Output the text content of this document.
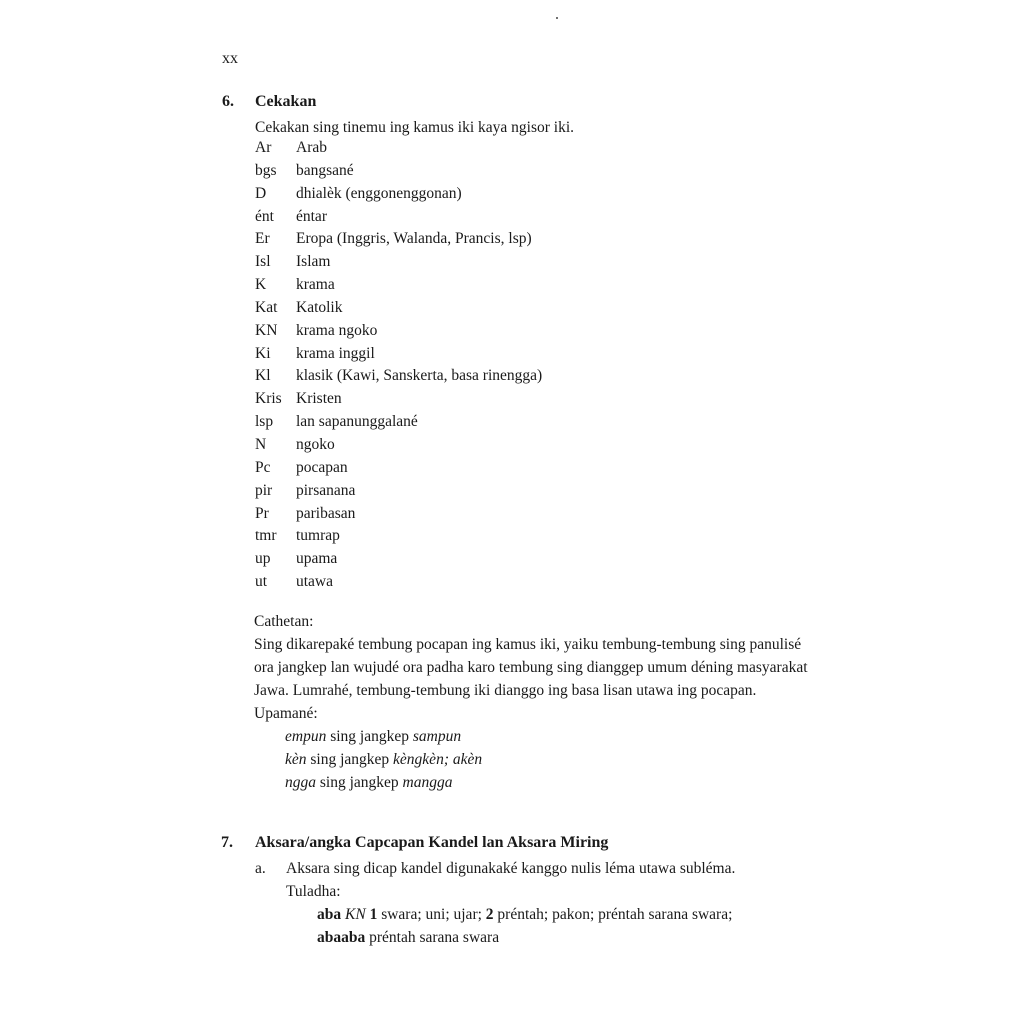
xx
6. Cekakan
Cekakan sing tinemu ing kamus iki kaya ngisor iki.
Ar	Arab
bgs	bangsané
D	dhialèk (enggonenggonan)
ént	éntar
Er	Eropa (Inggris, Walanda, Prancis, lsp)
Isl	Islam
K	krama
Kat	Katolik
KN	krama ngoko
Ki	krama inggil
Kl	klasik (Kawi, Sanskerta, basa rinengga)
Kris	Kristen
lsp	lan sapanunggalané
N	ngoko
Pc	pocapan
pir	pirsanana
Pr	paribasan
tmr	tumrap
up	upama
ut	utawa

Cathetan:

Sing dikarepaké tembung pocapan ing kamus iki, yaiku tembung-tembung sing panulisé ora jangkep lan wujudé ora padha karo tembung sing dianggep umum déning masyarakat Jawa. Lumrahé, tembung-tembung iki dianggo ing basa lisan utawa ing pocapan.

Upamané:

empun sing jangkep sampun
kèn sing jangkep kèngkèn; akèn
ngga sing jangkep mangga
7. Aksara/angka Capcapan Kandel lan Aksara Miring
a. Aksara sing dicap kandel digunakaké kanggo nulis léma utawa subléma.
Tuladha:
aba KN 1 swara; uni; ujar; 2 préntah; pakon; préntah sarana swara;
abaaba préntah sarana swara
